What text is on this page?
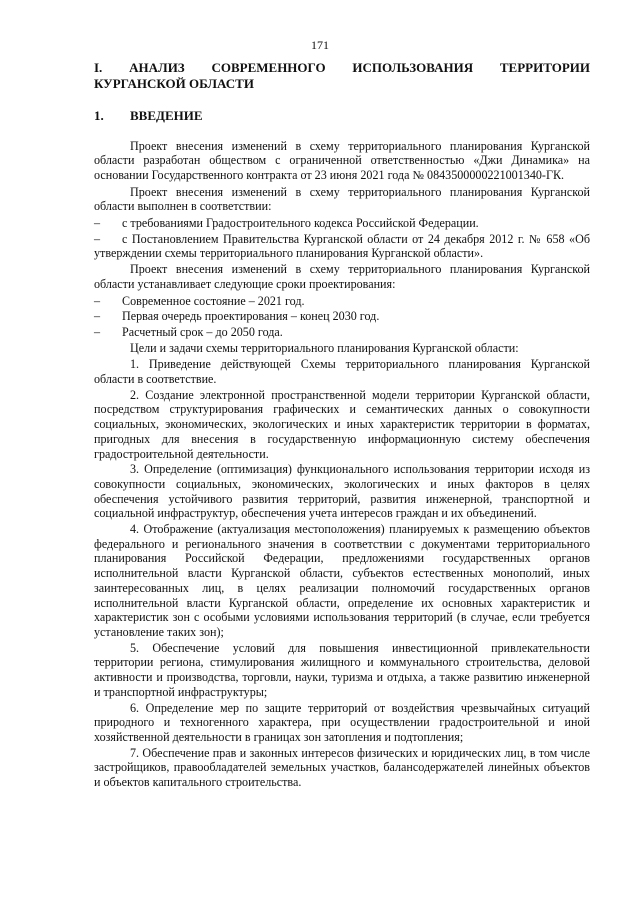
171

I. АНАЛИЗ СОВРЕМЕННОГО ИСПОЛЬЗОВАНИЯ ТЕРРИТОРИИ КУРГАНСКОЙ ОБЛАСТИ

1.	ВВЕДЕНИЕ

Проект внесения изменений в схему территориального планирования Курганской области разработан обществом с ограниченной ответственностью «Джи Динамика» на основании Государственного контракта от 23 июня 2021 года № 0843500000221001340-ГК.

Проект внесения изменений в схему территориального планирования Курганской области выполнен в соответствии:

–	с требованиями Градостроительного кодекса Российской Федерации.
– с Постановлением Правительства Курганской области от 24 декабря 2012 г. № 658 «Об утверждении схемы территориального планирования Курганской области».

Проект внесения изменений в схему территориального планирования Курганской области устанавливает следующие сроки проектирования:

–	Современное состояние – 2021 год.
–	Первая очередь проектирования – конец 2030 год.
–	Расчетный срок – до 2050 года.

Цели и задачи схемы территориального планирования Курганской области:

1. Приведение действующей Схемы территориального планирования Курганской области в соответствие.

2. Создание электронной пространственной модели территории Курганской области, посредством структурирования графических и семантических данных о совокупности социальных, экономических, экологических и иных характеристик территории в форматах, пригодных для внесения в государственную информационную систему обеспечения градостроительной деятельности.

3. Определение (оптимизация) функционального использования территории исходя из совокупности социальных, экономических, экологических и иных факторов в целях обеспечения устойчивого развития территорий, развития инженерной, транспортной и социальной инфраструктур, обеспечения учета интересов граждан и их объединений.

4. Отображение (актуализация местоположения) планируемых к размещению объектов федерального и регионального значения в соответствии с документами территориального планирования Российской Федерации, предложениями государственных органов исполнительной власти Курганской области, субъектов естественных монополий, иных заинтересованных лиц, в целях реализации полномочий государственных органов исполнительной власти Курганской области, определение их основных характеристик и характеристик зон с особыми условиями использования территорий (в случае, если требуется установление таких зон);

5. Обеспечение условий для повышения инвестиционной привлекательности территории региона, стимулирования жилищного и коммунального строительства, деловой активности и производства, торговли, науки, туризма и отдыха, а также развитию инженерной и транспортной инфраструктуры;

6. Определение мер по защите территорий от воздействия чрезвычайных ситуаций природного и техногенного характера, при осуществлении градостроительной и иной хозяйственной деятельности в границах зон затопления и подтопления;

7. Обеспечение прав и законных интересов физических и юридических лиц, в том числе застройщиков, правообладателей земельных участков, балансодержателей линейных объектов и объектов капитального строительства.
